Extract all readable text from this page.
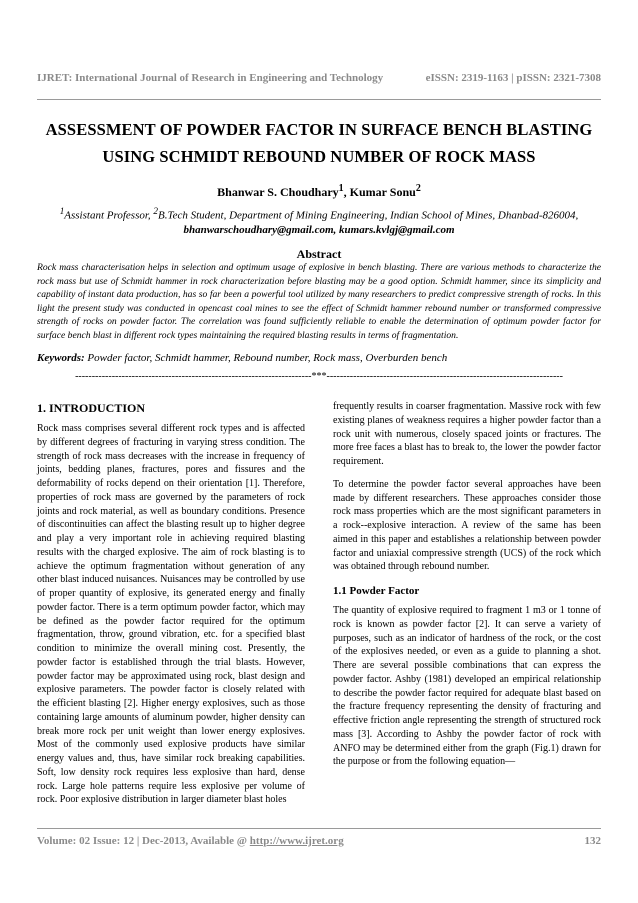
IJRET: International Journal of Research in Engineering and Technology	eISSN: 2319-1163 | pISSN: 2321-7308
ASSESSMENT OF POWDER FACTOR IN SURFACE BENCH BLASTING
USING SCHMIDT REBOUND NUMBER OF ROCK MASS
Bhanwar S. Choudhary$^1$, Kumar Sonu$^2$
$^1$Assistant Professor, $^2$B.Tech Student, Department of Mining Engineering, Indian School of Mines, Dhanbad-826004,
bhanwarschoudhary@gmail.com, kumars.kvlgj@gmail.com
Abstract
Rock mass characterisation helps in selection and optimum usage of explosive in bench blasting. There are various methods to characterize the rock mass but use of Schmidt hammer in rock characterization before blasting may be a good option. Schmidt hammer, since its simplicity and capability of instant data production, has so far been a powerful tool utilized by many researchers to predict compressive strength of rocks. In this light the present study was conducted in opencast coal mines to see the effect of Schmidt hammer rebound number or transformed compressive strength of rocks on powder factor. The correlation was found sufficiently reliable to enable the determination of optimum powder factor for surface bench blast in different rock types maintaining the required blasting results in terms of fragmentation.
Keywords: Powder factor, Schmidt hammer, Rebound number, Rock mass, Overburden bench
-----------------------------------------------------------------------***-----------------------------------------------------------------------
1. INTRODUCTION

Rock mass comprises several different rock types and is affected by different degrees of fracturing in varying stress condition. The strength of rock mass decreases with the increase in frequency of joints, bedding planes, fractures, pores and fissures and the deformability of rocks depend on their orientation [1]. Therefore, properties of rock mass are governed by the parameters of rock joints and rock material, as well as boundary conditions. Presence of discontinuities can affect the blasting result up to higher degree and play a very important role in achieving required blasting results with the charged explosive. The aim of rock blasting is to achieve the optimum fragmentation without generation of any other blast induced nuisances. Nuisances may be controlled by use of proper quantity of explosive, its generated energy and finally powder factor. There is a term optimum powder factor, which may be defined as the powder factor required for the optimum fragmentation, throw, ground vibration, etc. for a specified blast condition to minimize the overall mining cost. Presently, the powder factor is established through the trial blasts. However, powder factor may be approximated using rock, blast design and explosive parameters. The powder factor is closely related with the efficient blasting [2]. Higher energy explosives, such as those containing large amounts of aluminum powder, higher density can break more rock per unit weight than lower energy explosives. Most of the commonly used explosive products have similar energy values and, thus, have similar rock breaking capabilities. Soft, low density rock requires less explosive than hard, dense rock. Large hole patterns require less explosive per volume of rock. Poor explosive distribution in larger diameter blast holes

frequently results in coarser fragmentation. Massive rock with few existing planes of weakness requires a higher powder factor than a rock unit with numerous, closely spaced joints or fractures. The more free faces a blast has to break to, the lower the powder factor requirement.

To determine the powder factor several approaches have been made by different researchers. These approaches consider those rock mass properties which are the most significant parameters in a rock--explosive interaction. A review of the same has been aimed in this paper and establishes a relationship between powder factor and uniaxial compressive strength (UCS) of the rock which was obtained through rebound number.

1.1 Powder Factor

The quantity of explosive required to fragment 1 m3 or 1 tonne of rock is known as powder factor [2]. It can serve a variety of purposes, such as an indicator of hardness of the rock, or the cost of the explosives needed, or even as a guide to planning a shot. There are several possible combinations that can express the powder factor. Ashby (1981) developed an empirical relationship to describe the powder factor required for adequate blast based on the fracture frequency representing the density of fracturing and effective friction angle representing the strength of structured rock mass [3]. According to Ashby the powder factor of rock with ANFO may be determined either from the graph (Fig.1) drawn for the purpose or from the following equation—

Volume: 02 Issue: 12 | Dec-2013, Available @ http://www.ijret.org	132
